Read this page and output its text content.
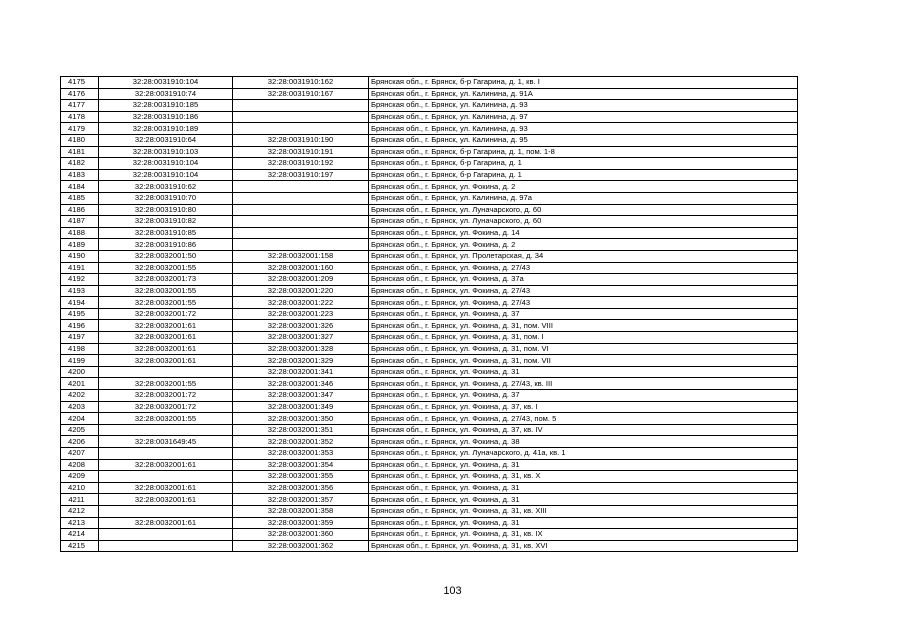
4175	32:28:0031910:104	32:28:0031910:162	Брянская обл., г. Брянск, б-р Гагарина, д. 1, кв. I
4176	32:28:0031910:74	32:28:0031910:167	Брянская обл., г. Брянск, ул. Калинина, д. 91А
4177	32:28:0031910:185		Брянская обл., г. Брянск, ул. Калинина, д. 93
4178	32:28:0031910:186		Брянская обл., г. Брянск, ул. Калинина, д. 97
4179	32:28:0031910:189		Брянская обл., г. Брянск, ул. Калинина, д. 93
4180	32:28:0031910:64	32:28:0031910:190	Брянская обл., г. Брянск, ул. Калинина, д. 95
4181	32:28:0031910:103	32:28:0031910:191	Брянская обл., г. Брянск, б-р Гагарина, д. 1, пом. 1-8
4182	32:28:0031910:104	32:28:0031910:192	Брянская обл., г. Брянск, б-р Гагарина, д. 1
4183	32:28:0031910:104	32:28:0031910:197	Брянская обл., г. Брянск, б-р Гагарина, д. 1
4184	32:28:0031910:62		Брянская обл., г. Брянск, ул. Фокина, д. 2
4185	32:28:0031910:70		Брянская обл., г. Брянск, ул. Калинина, д. 97а
4186	32:28:0031910:80		Брянская обл., г. Брянск, ул. Луначарского, д. 60
4187	32:28:0031910:82		Брянская обл., г. Брянск, ул. Луначарского, д. 60
4188	32:28:0031910:85		Брянская обл., г. Брянск, ул. Фокина, д. 14
4189	32:28:0031910:86		Брянская обл., г. Брянск, ул. Фокина, д. 2
4190	32:28:0032001:50	32:28:0032001:158	Брянская обл., г. Брянск, ул. Пролетарская, д. 34
4191	32:28:0032001:55	32:28:0032001:160	Брянская обл., г. Брянск, ул. Фокина, д. 27/43
4192	32:28:0032001:73	32:28:0032001:209	Брянская обл., г. Брянск, ул. Фокина, д. 37а
4193	32:28:0032001:55	32:28:0032001:220	Брянская обл., г. Брянск, ул. Фокина, д. 27/43
4194	32:28:0032001:55	32:28:0032001:222	Брянская обл., г. Брянск, ул. Фокина, д. 27/43
4195	32:28:0032001:72	32:28:0032001:223	Брянская обл., г. Брянск, ул. Фокина, д. 37
4196	32:28:0032001:61	32:28:0032001:326	Брянская обл., г. Брянск, ул. Фокина, д. 31, пом. VIII
4197	32:28:0032001:61	32:28:0032001:327	Брянская обл., г. Брянск, ул. Фокина, д. 31, пом. I
4198	32:28:0032001:61	32:28:0032001:328	Брянская обл., г. Брянск, ул. Фокина, д. 31, пом. VI
4199	32:28:0032001:61	32:28:0032001:329	Брянская обл., г. Брянск, ул. Фокина, д. 31, пом. VII
4200		32:28:0032001:341	Брянская обл., г. Брянск, ул. Фокина, д. 31
4201	32:28:0032001:55	32:28:0032001:346	Брянская обл., г. Брянск, ул. Фокина, д. 27/43, кв. III
4202	32:28:0032001:72	32:28:0032001:347	Брянская обл., г. Брянск, ул. Фокина, д. 37
4203	32:28:0032001:72	32:28:0032001:349	Брянская обл., г. Брянск, ул. Фокина, д. 37, кв. I
4204	32:28:0032001:55	32:28:0032001:350	Брянская обл., г. Брянск, ул. Фокина, д. 27/43, пом. 5
4205		32:28:0032001:351	Брянская обл., г. Брянск, ул. Фокина, д. 37, кв. IV
4206	32:28:0031649:45	32:28:0032001:352	Брянская обл., г. Брянск, ул. Фокина, д. 38
4207		32:28:0032001:353	Брянская обл., г. Брянск, ул. Луначарского, д. 41а, кв. 1
4208	32:28:0032001:61	32:28:0032001:354	Брянская обл., г. Брянск, ул. Фокина, д. 31
4209		32:28:0032001:355	Брянская обл., г. Брянск, ул. Фокина, д. 31, кв. X
4210	32:28:0032001:61	32:28:0032001:356	Брянская обл., г. Брянск, ул. Фокина, д. 31
4211	32:28:0032001:61	32:28:0032001:357	Брянская обл., г. Брянск, ул. Фокина, д. 31
4212		32:28:0032001:358	Брянская обл., г. Брянск, ул. Фокина, д. 31, кв. XIII
4213	32:28:0032001:61	32:28:0032001:359	Брянская обл., г. Брянск, ул. Фокина, д. 31
4214		32:28:0032001:360	Брянская обл., г. Брянск, ул. Фокина, д. 31, кв. IX
4215		32:28:0032001:362	Брянская обл., г. Брянск, ул. Фокина, д. 31, кв. XVI
103
